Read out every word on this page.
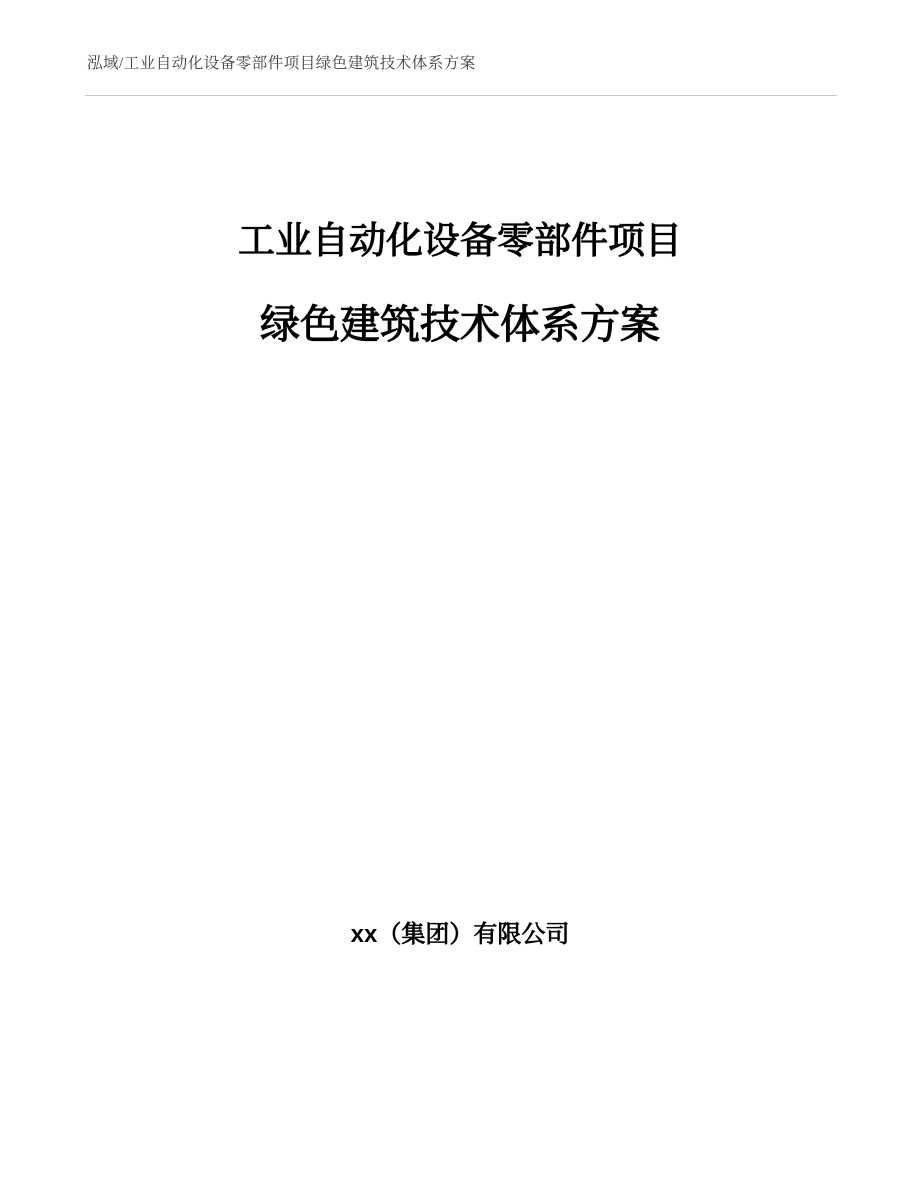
泓域/工业自动化设备零部件项目绿色建筑技术体系方案
工业自动化设备零部件项目
绿色建筑技术体系方案
xx（集团）有限公司
